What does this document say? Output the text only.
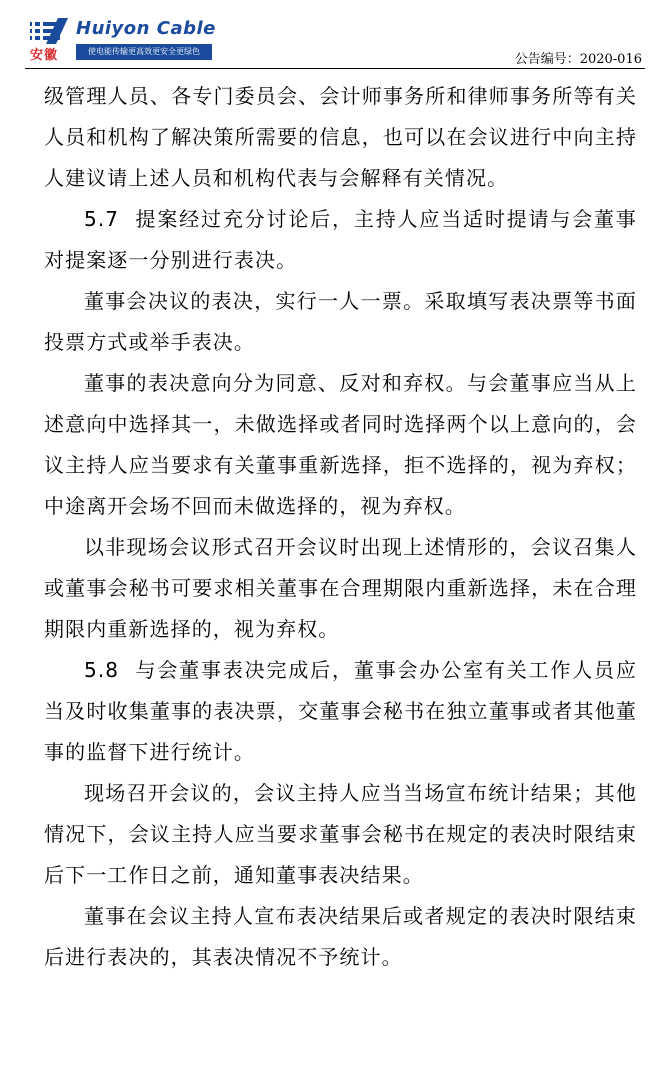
安徽
Huiyon Cable
使电能传输更高效更安全更绿色
公告编号：2020-016

级管理人员、各专门委员会、会计师事务所和律师事务所等有关人员和机构了解决策所需要的信息，也可以在会议进行中向主持人建议请上述人员和机构代表与会解释有关情况。

5.7 提案经过充分讨论后，主持人应当适时提请与会董事对提案逐一分别进行表决。

董事会决议的表决，实行一人一票。采取填写表决票等书面投票方式或举手表决。

董事的表决意向分为同意、反对和弃权。与会董事应当从上述意向中选择其一，未做选择或者同时选择两个以上意向的，会议主持人应当要求有关董事重新选择，拒不选择的，视为弃权；中途离开会场不回而未做选择的，视为弃权。

以非现场会议形式召开会议时出现上述情形的，会议召集人或董事会秘书可要求相关董事在合理期限内重新选择，未在合理期限内重新选择的，视为弃权。

5.8 与会董事表决完成后，董事会办公室有关工作人员应当及时收集董事的表决票，交董事会秘书在独立董事或者其他董事的监督下进行统计。

现场召开会议的，会议主持人应当当场宣布统计结果；其他情况下，会议主持人应当要求董事会秘书在规定的表决时限结束后下一工作日之前，通知董事表决结果。

董事在会议主持人宣布表决结果后或者规定的表决时限结束后进行表决的，其表决情况不予统计。
